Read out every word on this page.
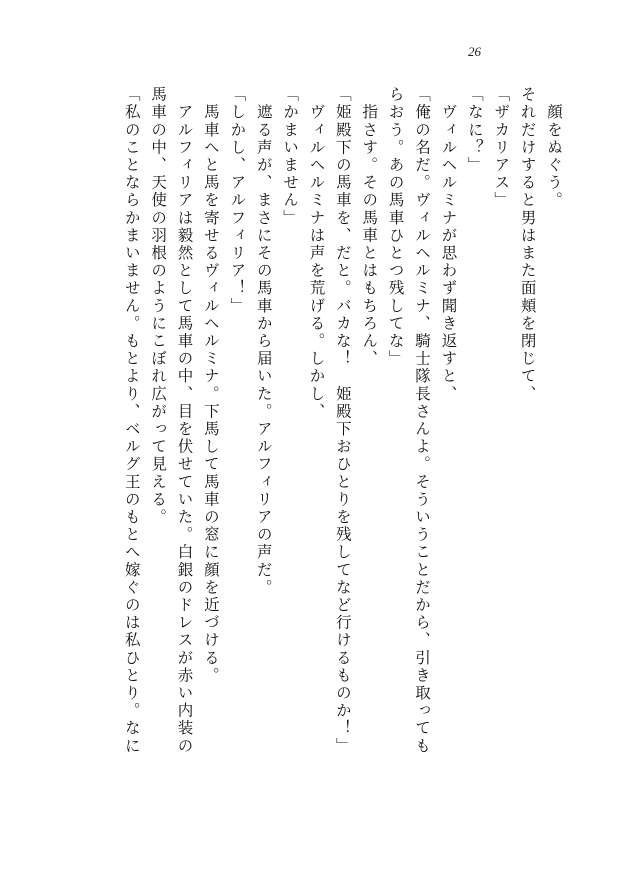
26
　顔をぬぐう。
それだけすると男はまた面頬を閉じて、
「ザカリアス」
「なに？」
　ヴィルヘルミナが思わず聞き返すと、
「俺の名だ。ヴィルヘルミナ、騎士隊長さんよ。そういうことだから、引き取っても
らおう。あの馬車ひとつ残してな」
　指さす。その馬車とはもちろん、
「姫殿下の馬車を、だと。バカな！　姫殿下おひとりを残してなど行けるものか！」
　ヴィルヘルミナは声を荒げる。しかし、
「かまいません」
　遮る声が、まさにその馬車から届いた。アルフィリアの声だ。
「しかし、アルフィリア！」
　馬車へと馬を寄せるヴィルヘルミナ。下馬して馬車の窓に顔を近づける。
　アルフィリアは毅然として馬車の中、目を伏せていた。白銀のドレスが赤い内装の
馬車の中、天使の羽根のようにこぼれ広がって見える。
「私のことならかまいません。もとより、ベルグ王のもとへ嫁ぐのは私ひとり。なに
